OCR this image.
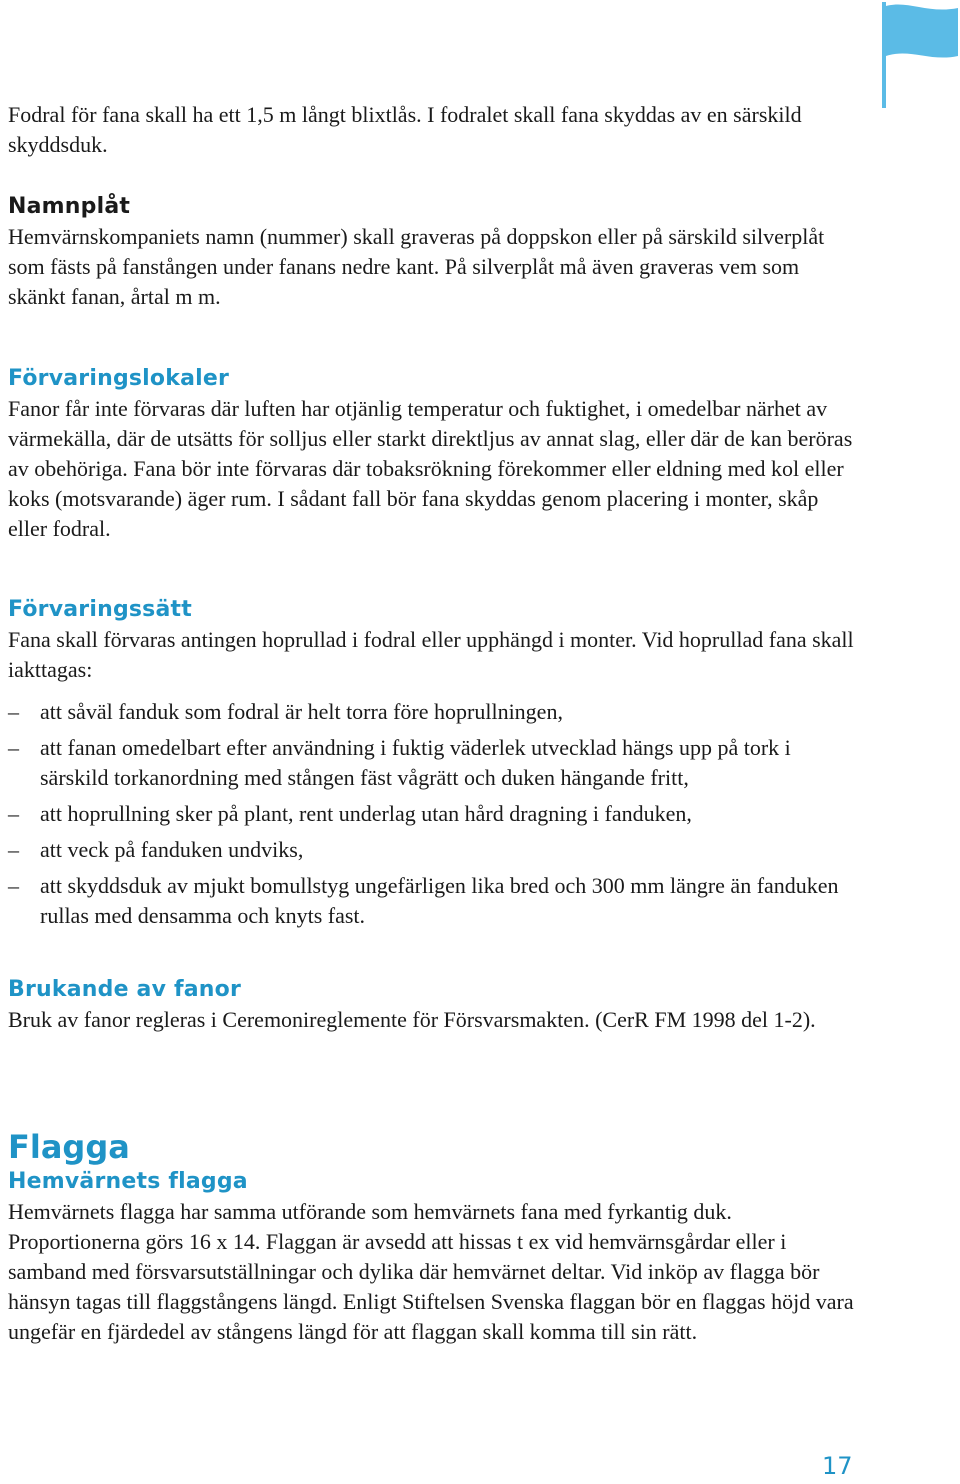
Fodral för fana skall ha ett 1,5 m långt blixtlås. I fodralet skall fana skyddas av en särskild skyddsduk.

Namnplåt

Hemvärnskompaniets namn (nummer) skall graveras på doppskon eller på särskild silverplåt som fästs på fanstången under fanans nedre kant. På silverplåt må även graveras vem som skänkt fanan, årtal m m.

Förvaringslokaler

Fanor får inte förvaras där luften har otjänlig temperatur och fuktighet, i omedelbar närhet av värmekälla, där de utsätts för solljus eller starkt direktljus av annat slag, eller där de kan beröras av obehöriga. Fana bör inte förvaras där tobaksrökning förekommer eller eldning med kol eller koks (motsvarande) äger rum. I sådant fall bör fana skyddas genom placering i monter, skåp eller fodral.

Förvaringssätt

Fana skall förvaras antingen hoprullad i fodral eller upphängd i monter. Vid hoprullad fana skall iakttagas:

– att såväl fanduk som fodral är helt torra före hoprullningen,
– att fanan omedelbart efter användning i fuktig väderlek utvecklad hängs upp på tork i särskild torkanordning med stången fäst vågrätt och duken hängande fritt,
– att hoprullning sker på plant, rent underlag utan hård dragning i fanduken,
– att veck på fanduken undviks,
– att skyddsduk av mjukt bomullstyg ungefärligen lika bred och 300 mm längre än fanduken rullas med densamma och knyts fast.
Brukande av fanor

Bruk av fanor regleras i Ceremonireglemente för Försvarsmakten. (CerR FM 1998 del 1-2).

Flagga
Hemvärnets flagga

Hemvärnets flagga har samma utförande som hemvärnets fana med fyrkantig duk. Proportionerna görs 16 x 14. Flaggan är avsedd att hissas t ex vid hemvärnsgårdar eller i samband med försvarsutställningar och dylika där hemvärnet deltar. Vid inköp av flagga bör hänsyn tagas till flaggstångens längd. Enligt Stiftelsen Svenska flaggan bör en flaggas höjd vara ungefär en fjärdedel av stångens längd för att flaggan skall komma till sin rätt.

17
